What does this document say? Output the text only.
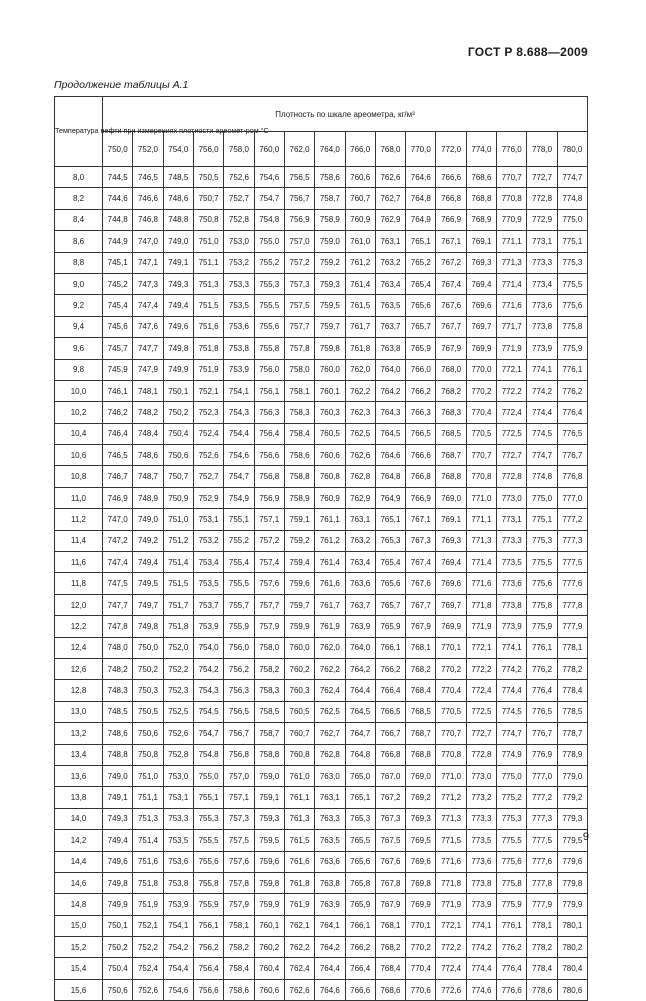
ГОСТ Р 8.688—2009
Продолжение таблицы А.1
Температура нефти при измерениях плотности ареомет-ром °С	Плотность по шкале ареометра, кг/м³															
	750,0	752,0	754,0	756,0	758,0	760,0	762,0	764,0	766,0	768,0	770,0	772,0	774,0	776,0	778,0	780,0
8,0	744,5	746,5	748,5	750,5	752,6	754,6	756,5	758,6	760,6	762,6	764,6	766,6	768,6	770,7	772,7	774,7
8,2	744,6	746,6	748,6	750,7	752,7	754,7	756,7	758,7	760,7	762,7	764,8	766,8	768,8	770,8	772,8	774,8
8,4	744,8	746,8	748,8	750,8	752,8	754,8	756,9	758,9	760,9	762,9	764,9	766,9	768,9	770,9	772,9	775,0
8,6	744,9	747,0	749,0	751,0	753,0	755,0	757,0	759,0	761,0	763,1	765,1	767,1	769,1	771,1	773,1	775,1
8,8	745,1	747,1	749,1	751,1	753,2	755,2	757,2	759,2	761,2	763,2	765,2	767,2	769,3	771,3	773,3	775,3
9,0	745,2	747,3	749,3	751,3	753,3	755,3	757,3	759,3	761,4	763,4	765,4	767,4	769,4	771,4	773,4	775,5
9,2	745,4	747,4	749,4	751,5	753,5	755,5	757,5	759,5	761,5	763,5	765,6	767,6	769,6	771,6	773,6	775,6
9,4	745,6	747,6	749,6	751,6	753,6	755,6	757,7	759,7	761,7	763,7	765,7	767,7	769,7	771,7	773,8	775,8
9,6	745,7	747,7	749,8	751,8	753,8	755,8	757,8	759,8	761,8	763,8	765,9	767,9	769,9	771,9	773,9	775,9
9,8	745,9	747,9	749,9	751,9	753,9	756,0	758,0	760,0	762,0	764,0	766,0	768,0	770,0	772,1	774,1	776,1
10,0	746,1	748,1	750,1	752,1	754,1	756,1	758,1	760,1	762,2	764,2	766,2	768,2	770,2	772,2	774,2	776,2
10,2	746,2	748,2	750,2	752,3	754,3	756,3	758,3	760,3	762,3	764,3	766,3	768,3	770,4	772,4	774,4	776,4
10,4	746,4	748,4	750,4	752,4	754,4	756,4	758,4	760,5	762,5	764,5	766,5	768,5	770,5	772,5	774,5	776,5
10,6	746,5	748,6	750,6	752,6	754,6	756,6	758,6	760,6	762,6	764,6	766,6	768,7	770,7	772,7	774,7	776,7
10,8	746,7	748,7	750,7	752,7	754,7	756,8	758,8	760,8	762,8	764,8	766,8	768,8	770,8	772,8	774,8	776,8
11,0	746,9	748,9	750,9	752,9	754,9	756,9	758,9	760,9	762,9	764,9	766,9	769,0	771,0	773,0	775,0	777,0
11,2	747,0	749,0	751,0	753,1	755,1	757,1	759,1	761,1	763,1	765,1	767,1	769,1	771,1	773,1	775,1	777,2
11,4	747,2	749,2	751,2	753,2	755,2	757,2	759,2	761,2	763,2	765,3	767,3	769,3	771,3	773,3	775,3	777,3
11,6	747,4	749,4	751,4	753,4	755,4	757,4	759,4	761,4	763,4	765,4	767,4	769,4	771,4	773,5	775,5	777,5
11,8	747,5	749,5	751,5	753,5	755,5	757,6	759,6	761,6	763,6	765,6	767,6	769,6	771,6	773,6	775,6	777,6
12,0	747,7	749,7	751,7	753,7	755,7	757,7	759,7	761,7	763,7	765,7	767,7	769,7	771,8	773,8	775,8	777,8
12,2	747,8	749,8	751,8	753,9	755,9	757,9	759,9	761,9	763,9	765,9	767,9	769,9	771,9	773,9	775,9	777,9
12,4	748,0	750,0	752,0	754,0	756,0	758,0	760,0	762,0	764,0	766,1	768,1	770,1	772,1	774,1	776,1	778,1
12,6	748,2	750,2	752,2	754,2	756,2	758,2	760,2	762,2	764,2	766,2	768,2	770,2	772,2	774,2	776,2	778,2
12,8	748,3	750,3	752,3	754,3	756,3	758,3	760,3	762,4	764,4	766,4	768,4	770,4	772,4	774,4	776,4	778,4
13,0	748,5	750,5	752,5	754,5	756,5	758,5	760,5	762,5	764,5	766,5	768,5	770,5	772,5	774,5	776,5	778,5
13,2	748,6	750,6	752,6	754,7	756,7	758,7	760,7	762,7	764,7	766,7	768,7	770,7	772,7	774,7	776,7	778,7
13,4	748,8	750,8	752,8	754,8	756,8	758,8	760,8	762,8	764,8	766,8	768,8	770,8	772,8	774,9	776,9	778,9
13,6	749,0	751,0	753,0	755,0	757,0	759,0	761,0	763,0	765,0	767,0	769,0	771,0	773,0	775,0	777,0	779,0
13,8	749,1	751,1	753,1	755,1	757,1	759,1	761,1	763,1	765,1	767,2	769,2	771,2	773,2	775,2	777,2	779,2
14,0	749,3	751,3	753,3	755,3	757,3	759,3	761,3	763,3	765,3	767,3	769,3	771,3	773,3	775,3	777,3	779,3
14,2	749,4	751,4	753,5	755,5	757,5	759,5	761,5	763,5	765,5	767,5	769,5	771,5	773,5	775,5	777,5	779,5
14,4	749,6	751,6	753,6	755,6	757,6	759,6	761,6	763,6	765,6	767,6	769,6	771,6	773,6	775,6	777,6	779,6
14,6	749,8	751,8	753,8	755,8	757,8	759,8	761,8	763,8	765,8	767,8	769,8	771,8	773,8	775,8	777,8	779,8
14,8	749,9	751,9	753,9	755,9	757,9	759,9	761,9	763,9	765,9	767,9	769,9	771,9	773,9	775,9	777,9	779,9
15,0	750,1	752,1	754,1	756,1	758,1	760,1	762,1	764,1	766,1	768,1	770,1	772,1	774,1	776,1	778,1	780,1
15,2	750,2	752,2	754,2	756,2	758,2	760,2	762,2	764,2	766,2	768,2	770,2	772,2	774,2	776,2	778,2	780,2
15,4	750,4	752,4	754,4	756,4	758,4	760,4	762,4	764,4	766,4	768,4	770,4	772,4	774,4	776,4	778,4	780,4
15,6	750,6	752,6	754,6	756,6	758,6	760,6	762,6	764,6	766,6	768,6	770,6	772,6	774,6	776,6	778,6	780,6
9
